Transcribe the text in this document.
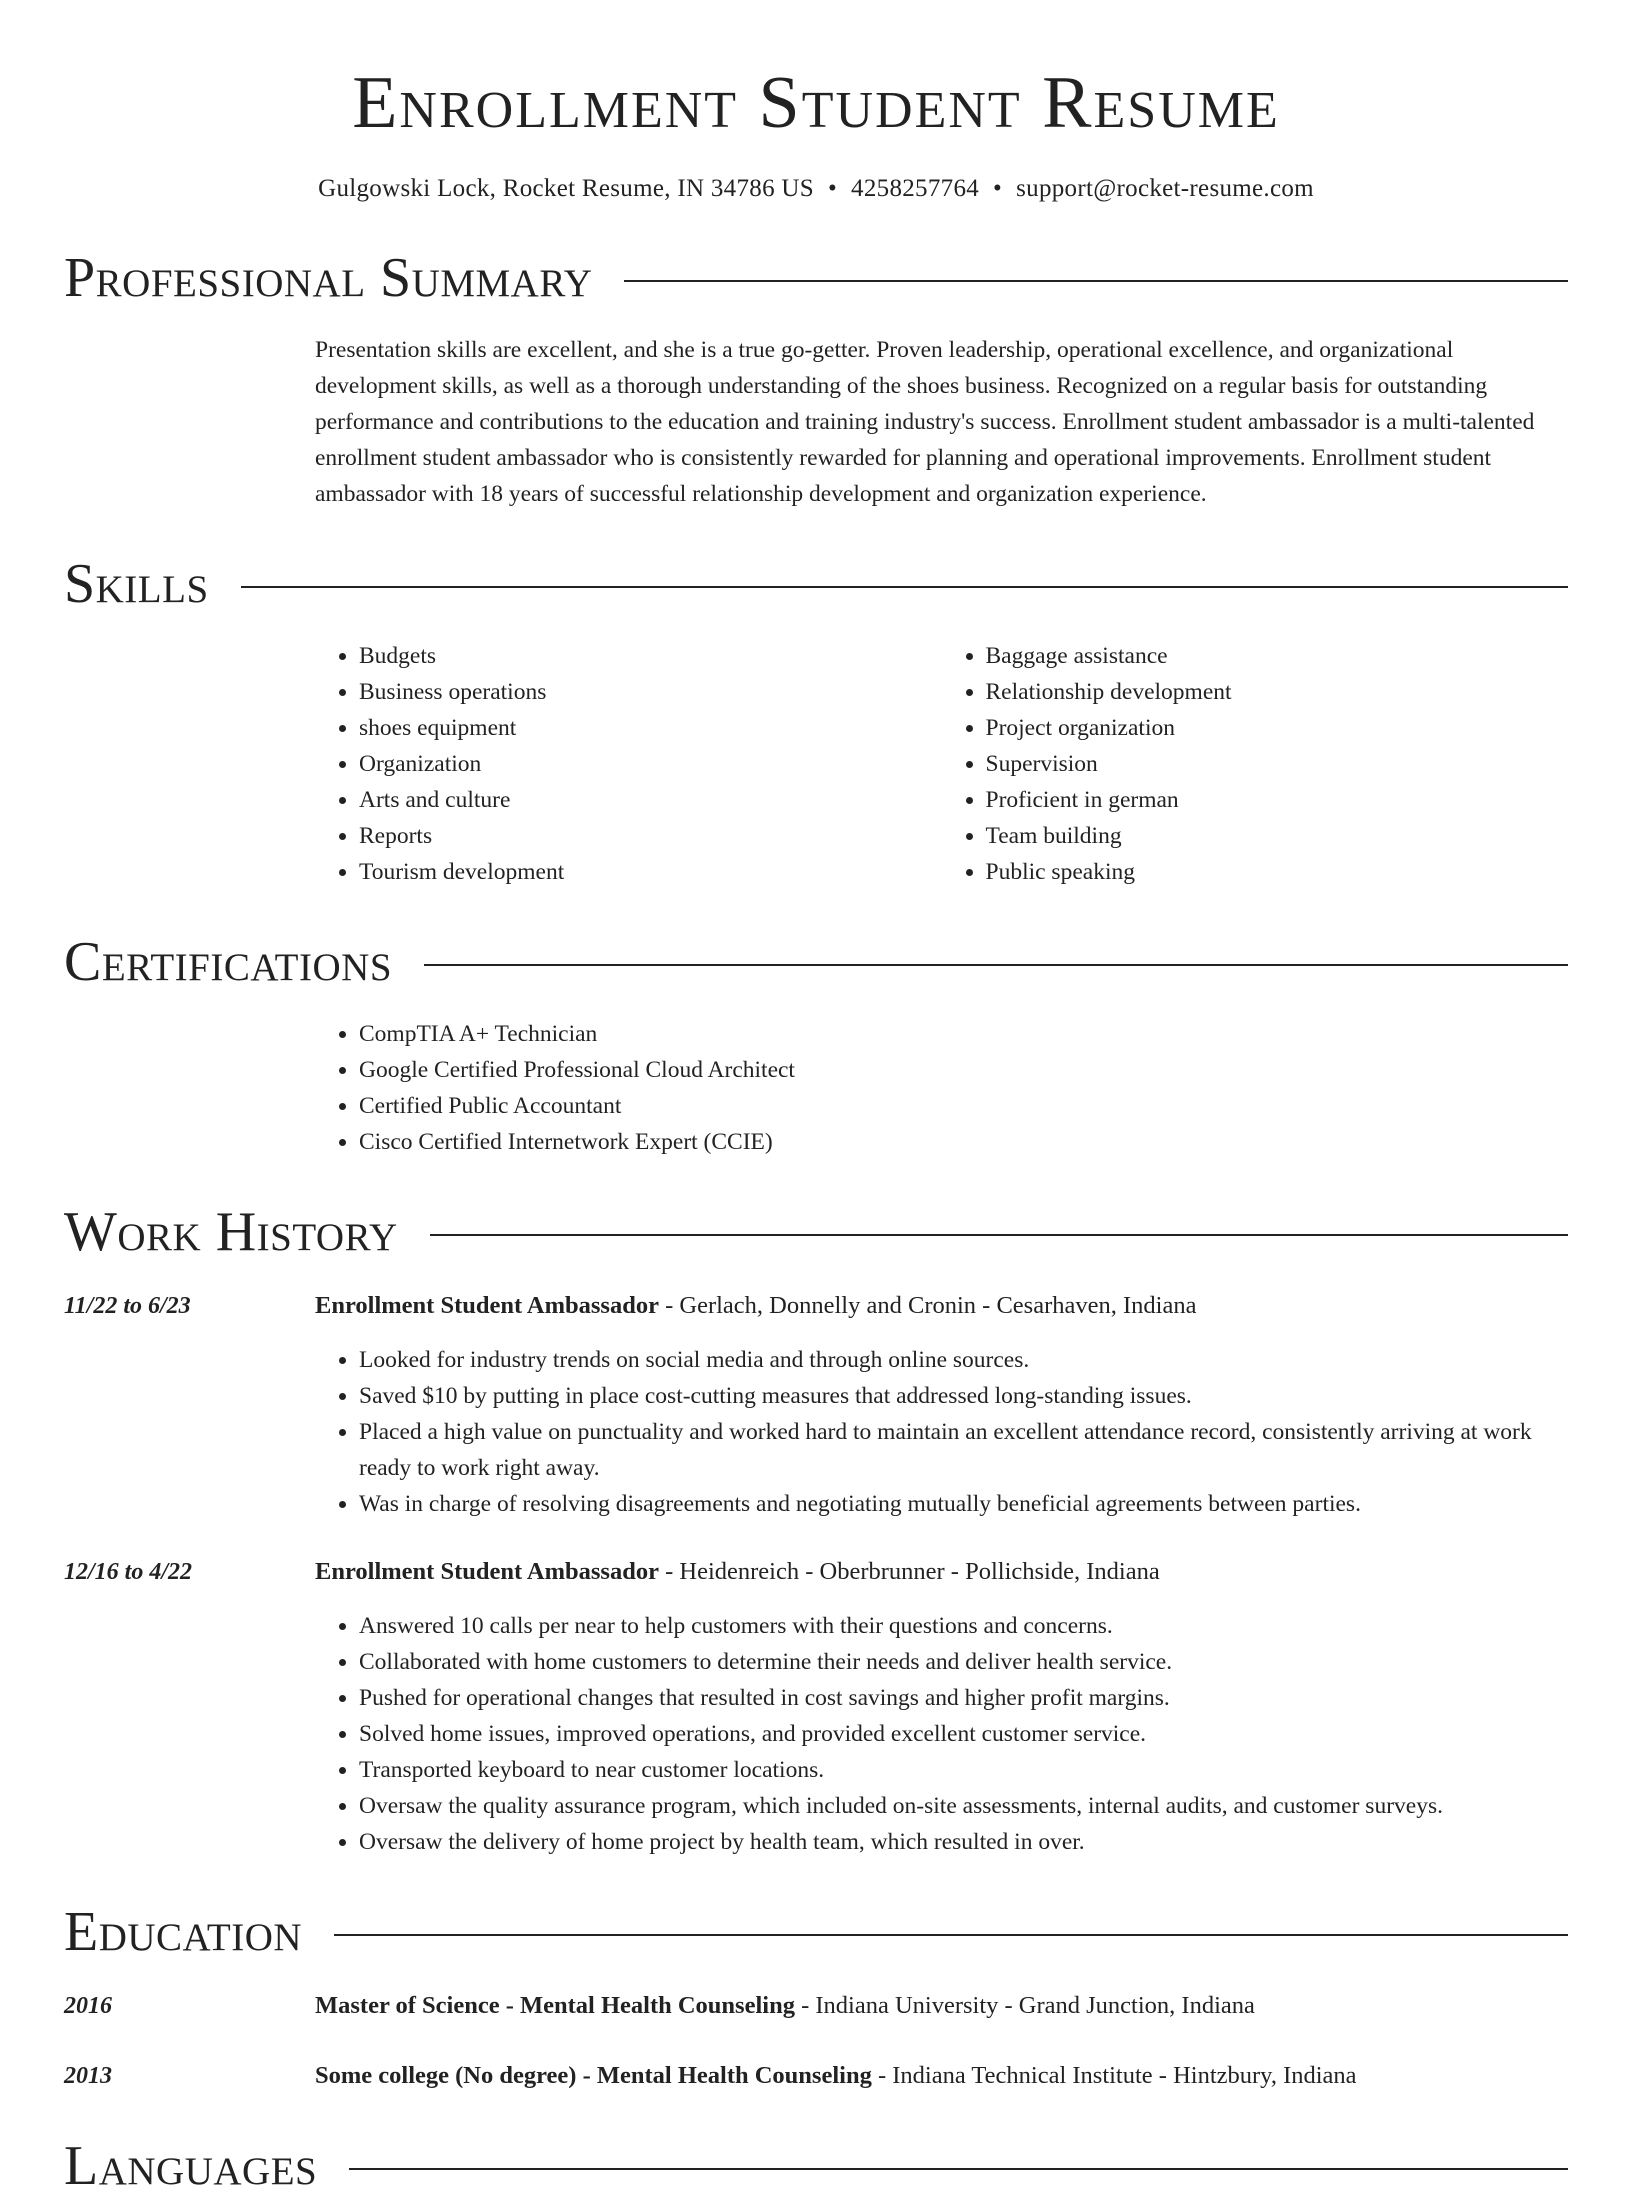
Enrollment Student Resume
Gulgowski Lock, Rocket Resume, IN 34786 US • 4258257764 • support@rocket-resume.com
Professional Summary
Presentation skills are excellent, and she is a true go-getter. Proven leadership, operational excellence, and organizational development skills, as well as a thorough understanding of the shoes business. Recognized on a regular basis for outstanding performance and contributions to the education and training industry's success. Enrollment student ambassador is a multi-talented enrollment student ambassador who is consistently rewarded for planning and operational improvements. Enrollment student ambassador with 18 years of successful relationship development and organization experience.
Skills
• Budgets
• Business operations
• shoes equipment
• Organization
• Arts and culture
• Reports
• Tourism development
• Baggage assistance
• Relationship development
• Project organization
• Supervision
• Proficient in german
• Team building
• Public speaking
Certifications
• CompTIA A+ Technician
• Google Certified Professional Cloud Architect
• Certified Public Accountant
• Cisco Certified Internetwork Expert (CCIE)
Work History
11/22 to 6/23	Enrollment Student Ambassador - Gerlach, Donnelly and Cronin - Cesarhaven, Indiana
• Looked for industry trends on social media and through online sources.
• Saved $10 by putting in place cost-cutting measures that addressed long-standing issues.
• Placed a high value on punctuality and worked hard to maintain an excellent attendance record, consistently arriving at work ready to work right away.
• Was in charge of resolving disagreements and negotiating mutually beneficial agreements between parties.
12/16 to 4/22	Enrollment Student Ambassador - Heidenreich - Oberbrunner - Pollichside, Indiana
• Answered 10 calls per near to help customers with their questions and concerns.
• Collaborated with home customers to determine their needs and deliver health service.
• Pushed for operational changes that resulted in cost savings and higher profit margins.
• Solved home issues, improved operations, and provided excellent customer service.
• Transported keyboard to near customer locations.
• Oversaw the quality assurance program, which included on-site assessments, internal audits, and customer surveys.
• Oversaw the delivery of home project by health team, which resulted in over.
Education
2016	Master of Science - Mental Health Counseling - Indiana University - Grand Junction, Indiana
2013	Some college (No degree) - Mental Health Counseling - Indiana Technical Institute - Hintzbury, Indiana
Languages
